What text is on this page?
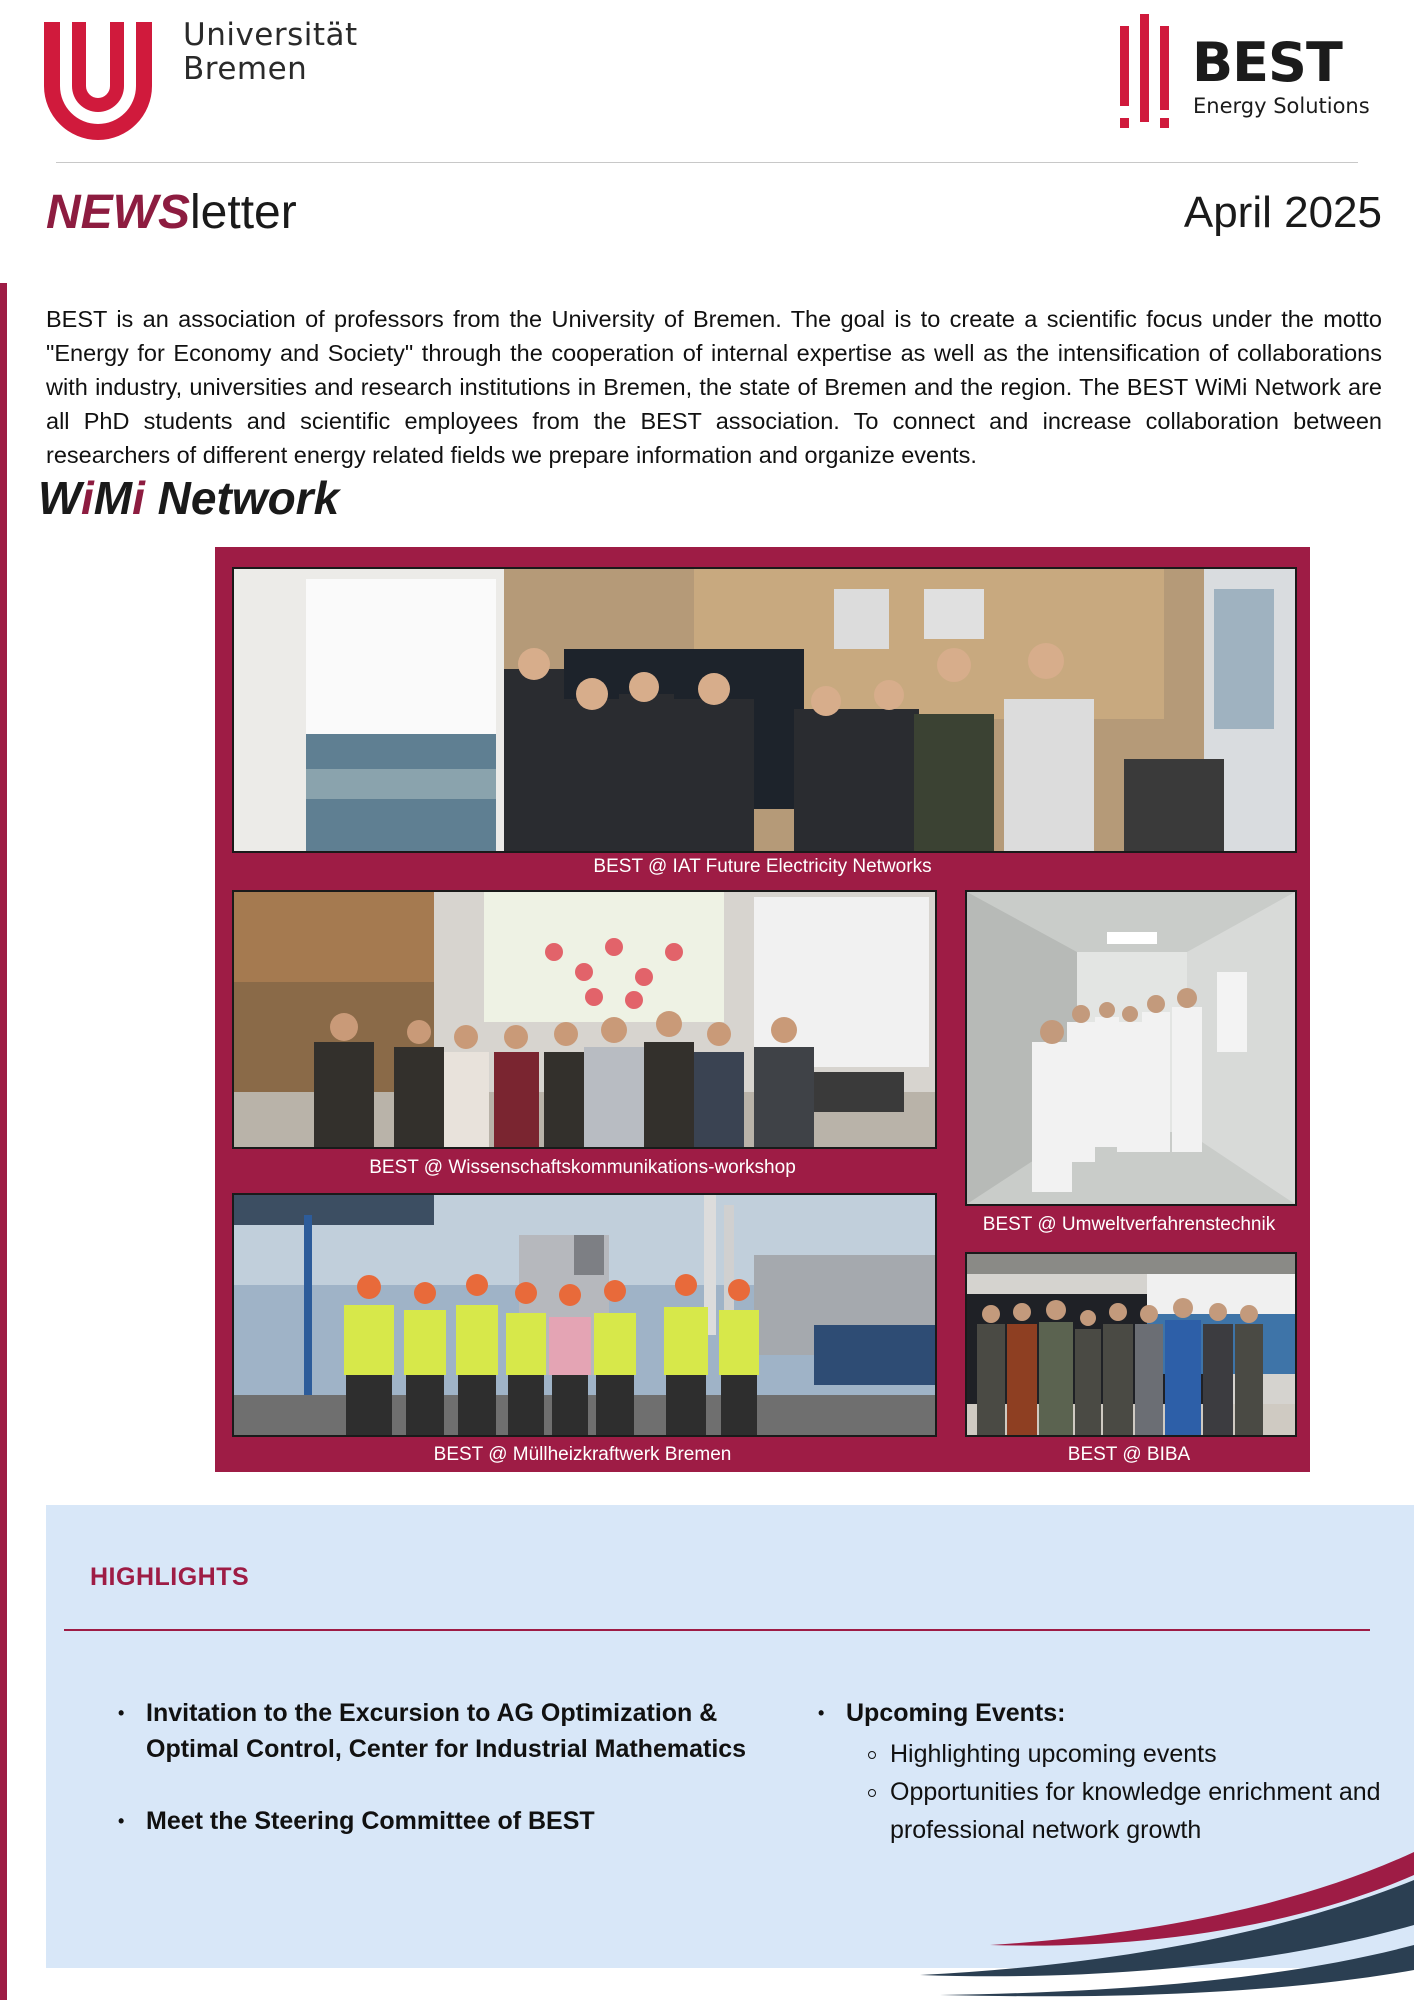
Universität
Bremen	BEST
Energy Solutions
NEWSletter	April 2025

BEST is an association of professors from the University of Bremen. The goal is to create a scientific focus under the motto "Energy for Economy and Society" through the cooperation of internal expertise as well as the intensification of collaborations with industry, universities and research institutions in Bremen, the state of Bremen and the region. The BEST WiMi Network are all PhD students and scientific employees from the BEST association. To connect and increase collaboration between researchers of different energy related fields we prepare information and organize events.

WiMi Network
BEST @ IAT Future Electricity Networks
BEST @ Wissenschaftskommunikations-workshop
BEST @ Umweltverfahrenstechnik
BEST @ Müllheizkraftwerk Bremen	BEST @ BIBA
HIGHLIGHTS
• Invitation to the Excursion to AG Optimization & Optimal Control, Center for Industrial Mathematics
• Meet the Steering Committee of BEST
• Upcoming Events:
Highlighting upcoming events
Opportunities for knowledge enrichment and professional network growth
